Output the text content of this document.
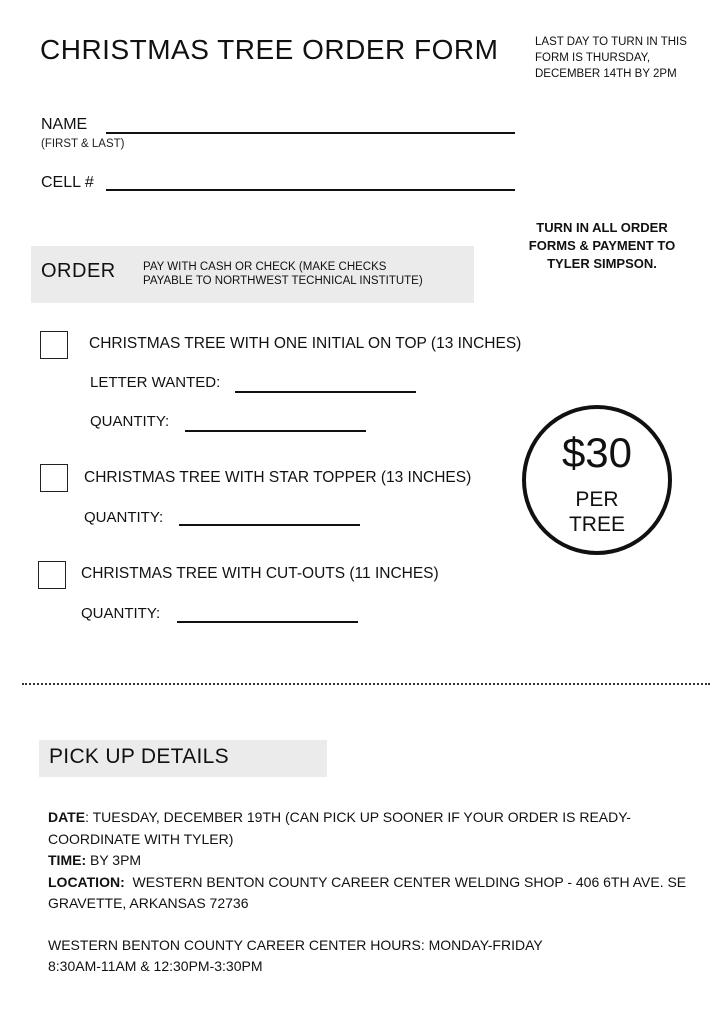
CHRISTMAS TREE ORDER FORM	LAST DAY TO TURN IN THIS
FORM IS THURSDAY,
DECEMBER 14TH BY 2PM
NAME
(FIRST & LAST)
CELL #
TURN IN ALL ORDER
FORMS & PAYMENT TO
TYLER SIMPSON.
ORDER PAY WITH CASH OR CHECK (MAKE CHECKS
PAYABLE TO NORTHWEST TECHNICAL INSTITUTE)
CHRISTMAS TREE WITH ONE INITIAL ON TOP (13 INCHES)
LETTER WANTED:
QUANTITY:
CHRISTMAS TREE WITH STAR TOPPER (13 INCHES)
QUANTITY:
CHRISTMAS TREE WITH CUT-OUTS (11 INCHES)
QUANTITY:
$30
PER
TREE
PICK UP DETAILS
DATE: TUESDAY, DECEMBER 19TH (CAN PICK UP SOONER IF YOUR ORDER IS READY- COORDINATE WITH TYLER)
TIME: BY 3PM
LOCATION:  WESTERN BENTON COUNTY CAREER CENTER WELDING SHOP - 406 6TH AVE. SE GRAVETTE, ARKANSAS 72736
WESTERN BENTON COUNTY CAREER CENTER HOURS: MONDAY-FRIDAY
8:30AM-11AM & 12:30PM-3:30PM
